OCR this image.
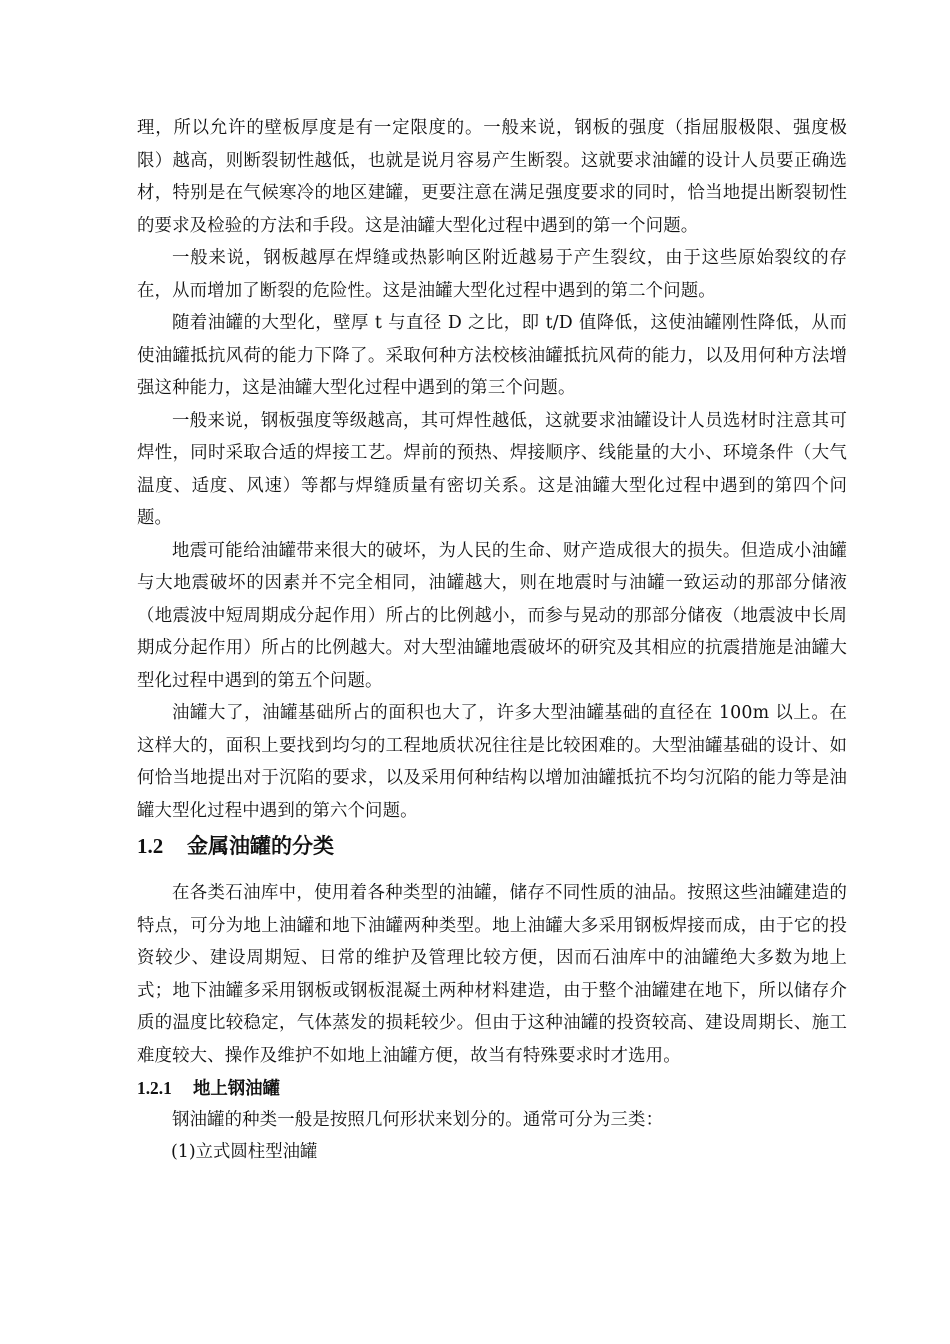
理，所以允许的壁板厚度是有一定限度的。一般来说，钢板的强度（指屈服极限、强度极限）越高，则断裂韧性越低，也就是说月容易产生断裂。这就要求油罐的设计人员要正确选材，特别是在气候寒冷的地区建罐，更要注意在满足强度要求的同时，恰当地提出断裂韧性的要求及检验的方法和手段。这是油罐大型化过程中遇到的第一个问题。

一般来说，钢板越厚在焊缝或热影响区附近越易于产生裂纹，由于这些原始裂纹的存在，从而增加了断裂的危险性。这是油罐大型化过程中遇到的第二个问题。

随着油罐的大型化，壁厚 t 与直径 D 之比，即 t/D 值降低，这使油罐刚性降低，从而使油罐抵抗风荷的能力下降了。采取何种方法校核油罐抵抗风荷的能力，以及用何种方法增强这种能力，这是油罐大型化过程中遇到的第三个问题。

一般来说，钢板强度等级越高，其可焊性越低，这就要求油罐设计人员选材时注意其可焊性，同时采取合适的焊接工艺。焊前的预热、焊接顺序、线能量的大小、环境条件（大气温度、适度、风速）等都与焊缝质量有密切关系。这是油罐大型化过程中遇到的第四个问题。

地震可能给油罐带来很大的破坏，为人民的生命、财产造成很大的损失。但造成小油罐与大地震破坏的因素并不完全相同，油罐越大，则在地震时与油罐一致运动的那部分储液（地震波中短周期成分起作用）所占的比例越小，而参与晃动的那部分储夜（地震波中长周期成分起作用）所占的比例越大。对大型油罐地震破坏的研究及其相应的抗震措施是油罐大型化过程中遇到的第五个问题。

油罐大了，油罐基础所占的面积也大了，许多大型油罐基础的直径在 100m 以上。在这样大的，面积上要找到均匀的工程地质状况往往是比较困难的。大型油罐基础的设计、如何恰当地提出对于沉陷的要求，以及采用何种结构以增加油罐抵抗不均匀沉陷的能力等是油罐大型化过程中遇到的第六个问题。

1.2	金属油罐的分类

在各类石油库中，使用着各种类型的油罐，储存不同性质的油品。按照这些油罐建造的特点，可分为地上油罐和地下油罐两种类型。地上油罐大多采用钢板焊接而成，由于它的投资较少、建设周期短、日常的维护及管理比较方便，因而石油库中的油罐绝大多数为地上式；地下油罐多采用钢板或钢板混凝土两种材料建造，由于整个油罐建在地下，所以储存介质的温度比较稳定，气体蒸发的损耗较少。但由于这种油罐的投资较高、建设周期长、施工难度较大、操作及维护不如地上油罐方便，故当有特殊要求时才选用。

1.2.1	地上钢油罐

钢油罐的种类一般是按照几何形状来划分的。通常可分为三类：

(1)立式圆柱型油罐
